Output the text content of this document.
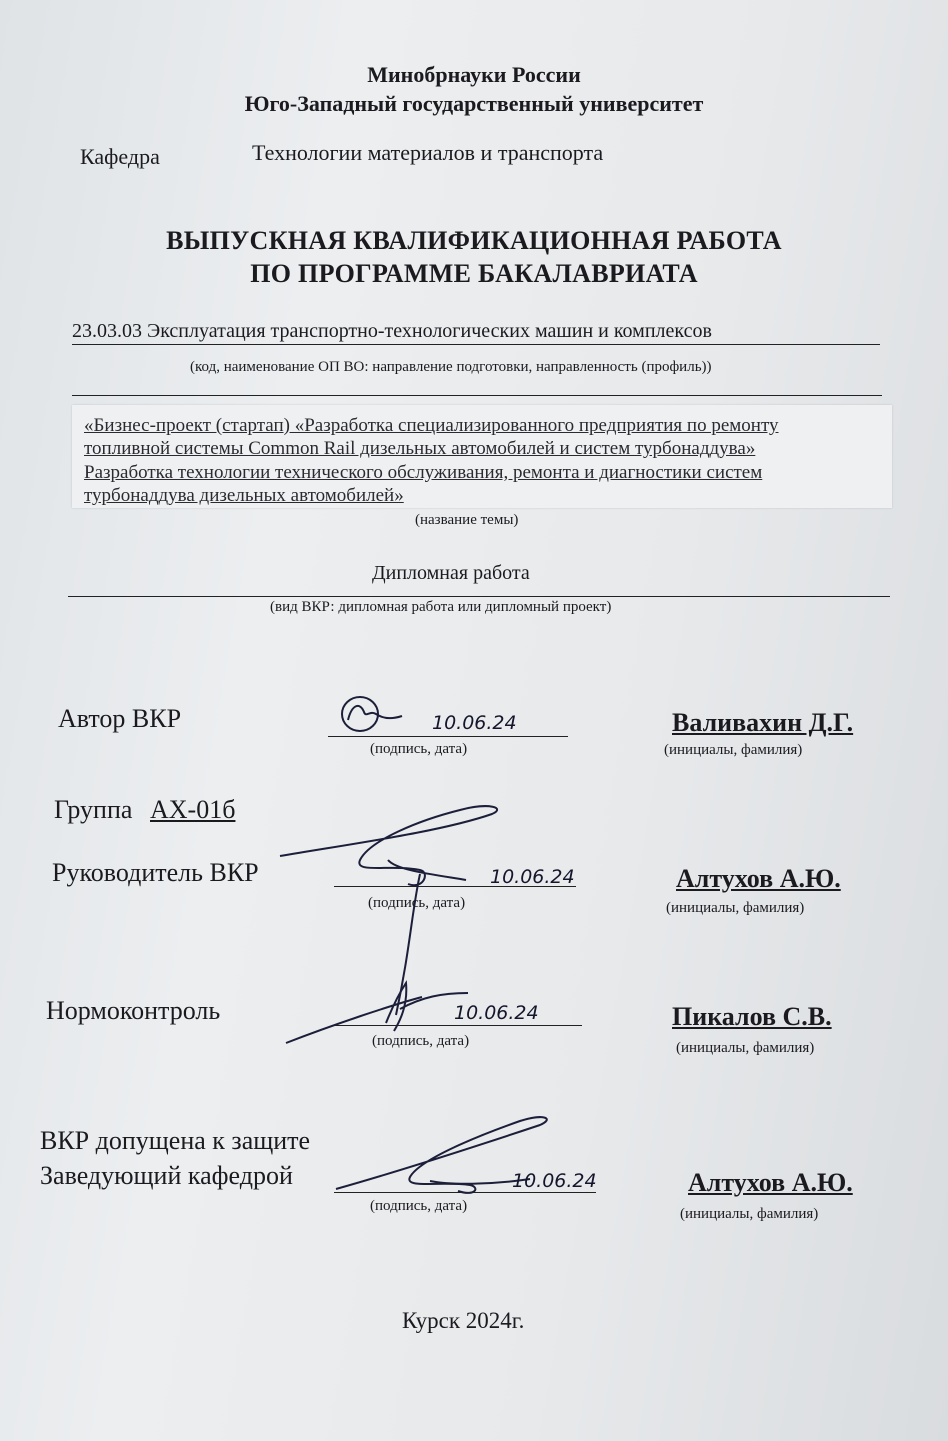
Минобрнауки России
Юго-Западный государственный университет
Кафедра	Технологии материалов и транспорта
ВЫПУСКНАЯ КВАЛИФИКАЦИОННАЯ РАБОТА
ПО ПРОГРАММЕ БАКАЛАВРИАТА
23.03.03 Эксплуатация транспортно-технологических машин и комплексов
(код, наименование ОП ВО: направление подготовки, направленность (профиль))
«Бизнес-проект (стартап) «Разработка специализированного предприятия по ремонту
топливной системы Common Rail дизельных автомобилей и систем турбонаддува»
Разработка технологии технического обслуживания, ремонта и диагностики систем
турбонаддува дизельных автомобилей»
(название темы)
Дипломная работа
(вид ВКР: дипломная работа или дипломный проект)
Автор ВКР	10.06.24
(подпись, дата)
Валивахин Д.Г.
(инициалы, фамилия)
Группа АХ-01б
Руководитель ВКР	10.06.24
(подпись, дата)
Алтухов А.Ю.
(инициалы, фамилия)
Нормоконтроль	10.06.24
(подпись, дата)
Пикалов С.В.
(инициалы, фамилия)
ВКР допущена к защите
Заведующий кафедрой	10.06.24
(подпись, дата)
Алтухов А.Ю.
(инициалы, фамилия)
Курск 2024г.
